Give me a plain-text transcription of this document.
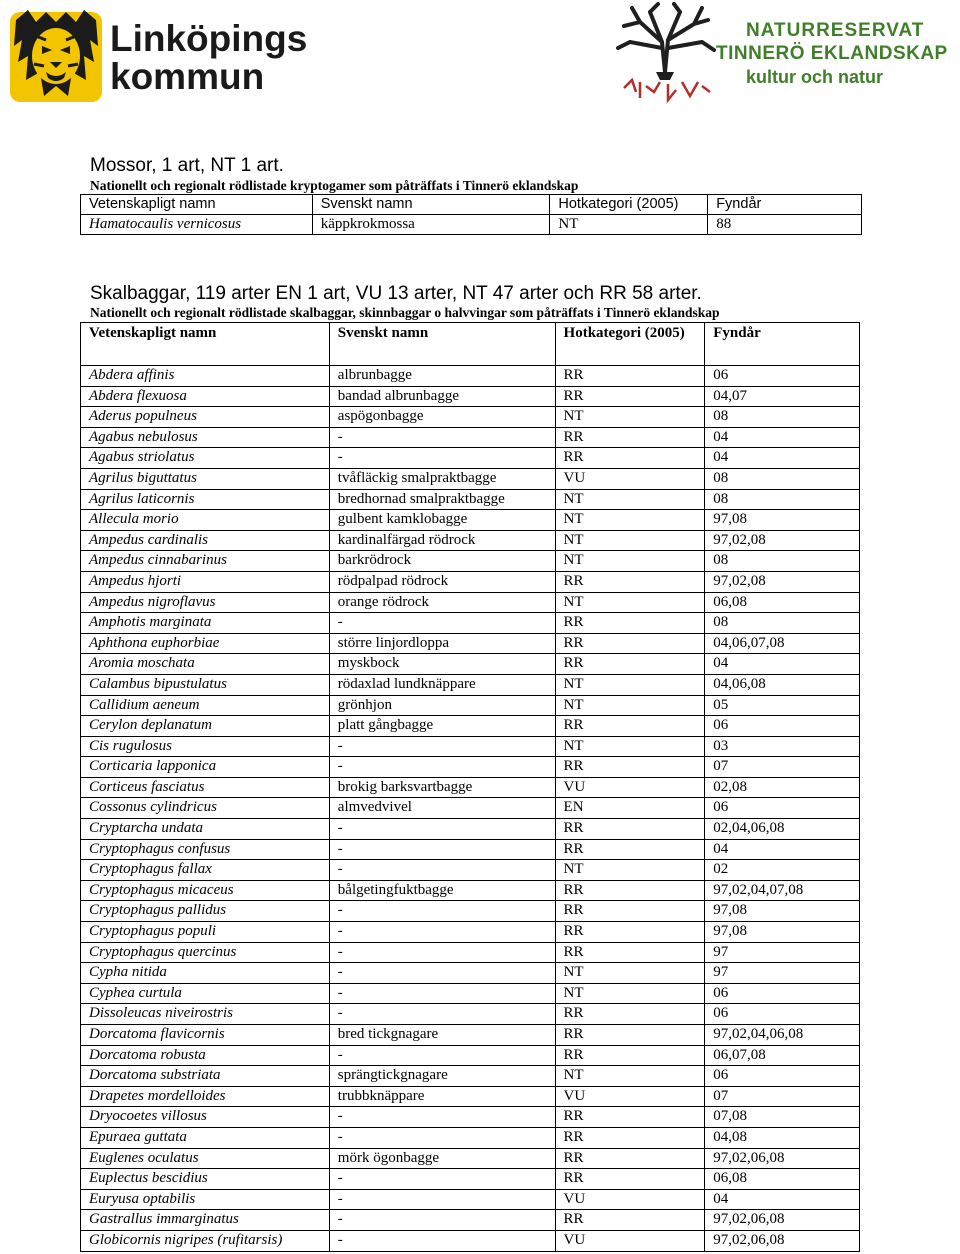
Linköpings
kommun
NATURRESERVAT
TINNERÖ EKLANDSKAP
kultur och natur
Mossor, 1 art, NT 1 art.
Nationellt och regionalt rödlistade kryptogamer som påträffats i Tinnerö eklandskap
Vetenskapligt namn	Svenskt namn	Hotkategori (2005)	Fyndår
Hamatocaulis vernicosus	käppkrokmossa	NT	88
Skalbaggar, 119 arter EN 1 art, VU 13 arter, NT 47 arter och RR 58 arter.
Nationellt och regionalt rödlistade skalbaggar, skinnbaggar o halvvingar som påträffats i Tinnerö eklandskap
Vetenskapligt namn	Svenskt namn	Hotkategori (2005)	Fyndår
Abdera affinis	albrunbagge	RR	06
Abdera flexuosa	bandad albrunbagge	RR	04,07
Aderus populneus	aspögonbagge	NT	08
Agabus nebulosus	-	RR	04
Agabus striolatus	-	RR	04
Agrilus biguttatus	tvåfläckig smalpraktbagge	VU	08
Agrilus laticornis	bredhornad smalpraktbagge	NT	08
Allecula morio	gulbent kamklobagge	NT	97,08
Ampedus cardinalis	kardinalfärgad rödrock	NT	97,02,08
Ampedus cinnabarinus	barkrödrock	NT	08
Ampedus hjorti	rödpalpad rödrock	RR	97,02,08
Ampedus nigroflavus	orange rödrock	NT	06,08
Amphotis marginata	-	RR	08
Aphthona euphorbiae	större linjordloppa	RR	04,06,07,08
Aromia moschata	myskbock	RR	04
Calambus bipustulatus	rödaxlad lundknäppare	NT	04,06,08
Callidium aeneum	grönhjon	NT	05
Cerylon deplanatum	platt gångbagge	RR	06
Cis rugulosus	-	NT	03
Corticaria lapponica	-	RR	07
Corticeus fasciatus	brokig barksvartbagge	VU	02,08
Cossonus cylindricus	almvedvivel	EN	06
Cryptarcha undata	-	RR	02,04,06,08
Cryptophagus confusus	-	RR	04
Cryptophagus fallax	-	NT	02
Cryptophagus micaceus	bålgetingfuktbagge	RR	97,02,04,07,08
Cryptophagus pallidus	-	RR	97,08
Cryptophagus populi	-	RR	97,08
Cryptophagus quercinus	-	RR	97
Cypha nitida	-	NT	97
Cyphea curtula	-	NT	06
Dissoleucas niveirostris	-	RR	06
Dorcatoma flavicornis	bred tickgnagare	RR	97,02,04,06,08
Dorcatoma robusta	-	RR	06,07,08
Dorcatoma substriata	sprängtickgnagare	NT	06
Drapetes mordelloides	trubbknäppare	VU	07
Dryocoetes villosus	-	RR	07,08
Epuraea guttata	-	RR	04,08
Euglenes oculatus	mörk ögonbagge	RR	97,02,06,08
Euplectus bescidius	-	RR	06,08
Euryusa optabilis	-	VU	04
Gastrallus immarginatus	-	RR	97,02,06,08
Globicornis nigripes (rufitarsis)	-	VU	97,02,06,08
